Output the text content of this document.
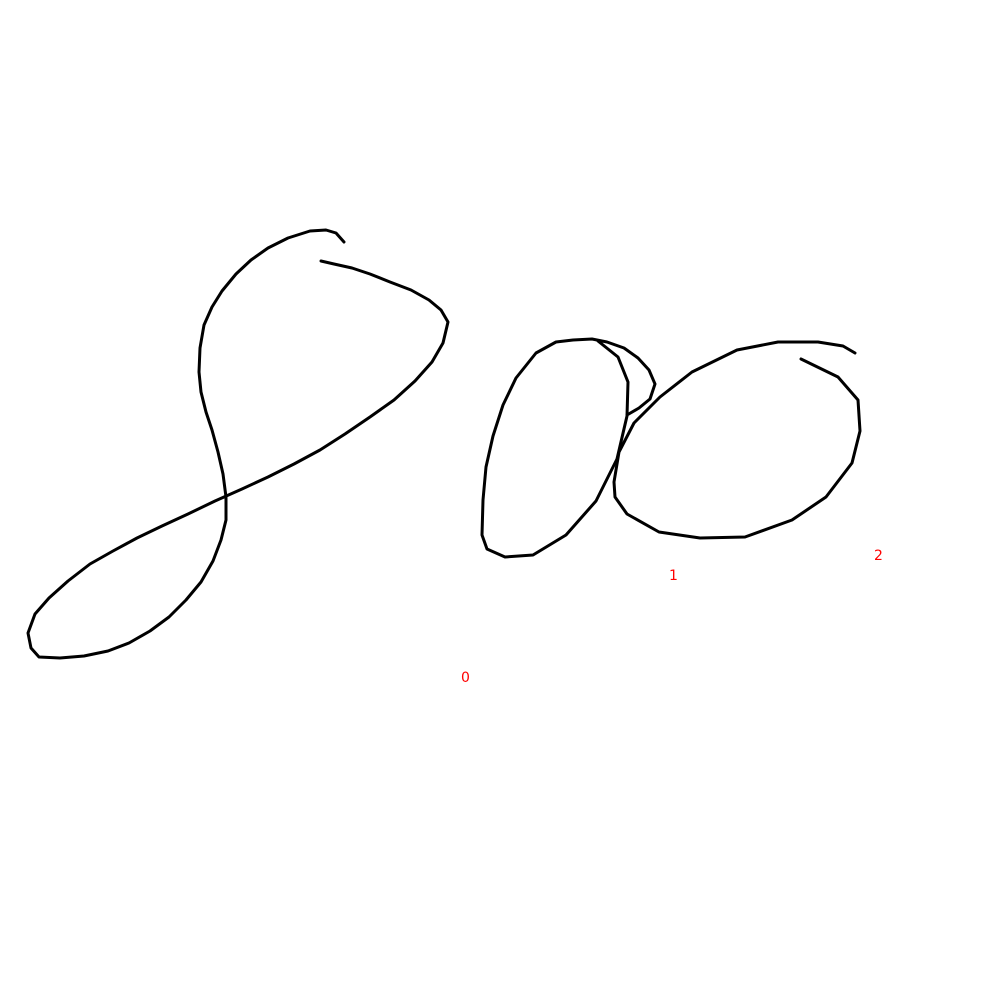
0
1
2
